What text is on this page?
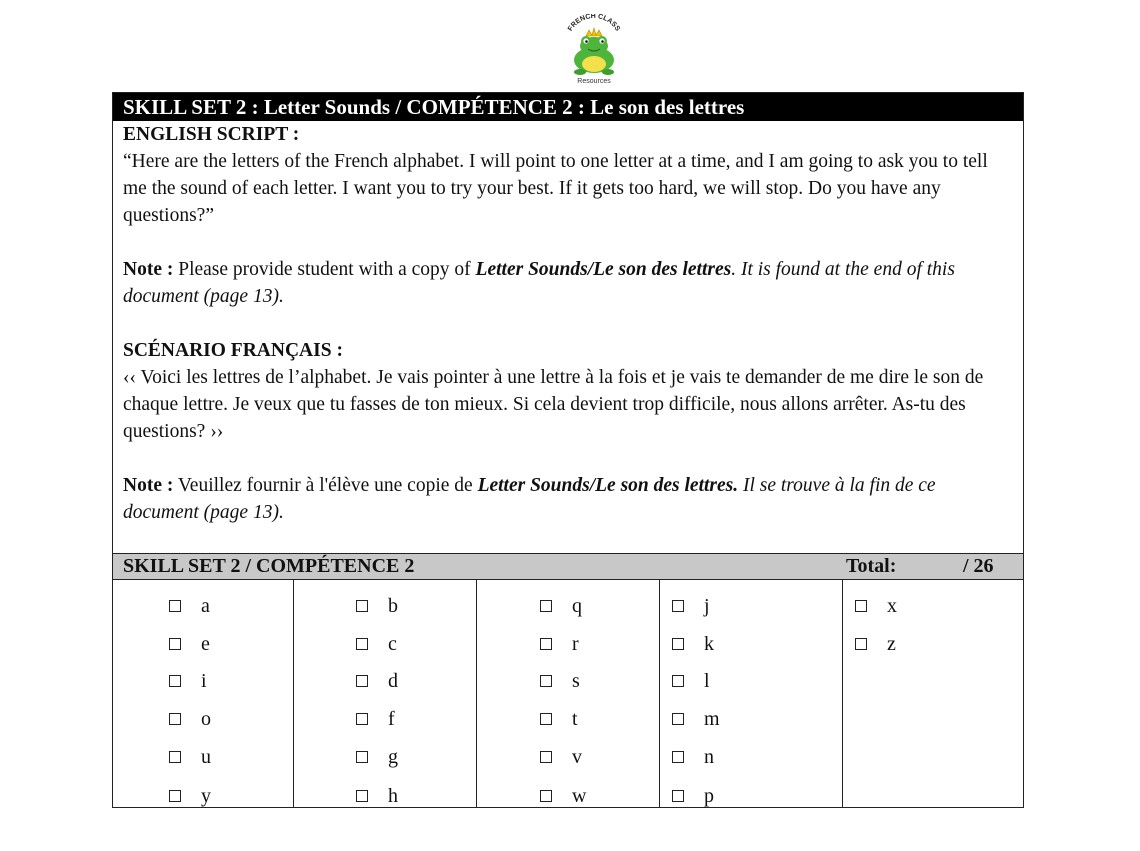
FRENCH CLASS
Resources
SKILL SET 2 : Letter Sounds / COMPÉTENCE 2 : Le son des lettres

ENGLISH SCRIPT :

“Here are the letters of the French alphabet. I will point to one letter at a time, and I am going to ask you to tell me the sound of each letter. I want you to try your best. If it gets too hard, we will stop. Do you have any questions?”

Note : Please provide student with a copy of Letter Sounds/Le son des lettres. It is found at the end of this document (page 13).

SCÉNARIO FRANÇAIS :

‹‹ Voici les lettres de l’alphabet. Je vais pointer à une lettre à la fois et je vais te demander de me dire le son de chaque lettre. Je veux que tu fasses de ton mieux. Si cela devient trop difficile, nous allons arrêter. As-tu des questions? ››

Note : Veuillez fournir à l'élève une copie de Letter Sounds/Le son des lettres. Il se trouve à la fin de ce document (page 13).

SKILL SET 2 / COMPÉTENCE 2	Total:	/ 26
a
e
i
o
u
y
b
c
d
f
g
h
q
r
s
t
v
w
j
k
l
m
n
p
x
z
